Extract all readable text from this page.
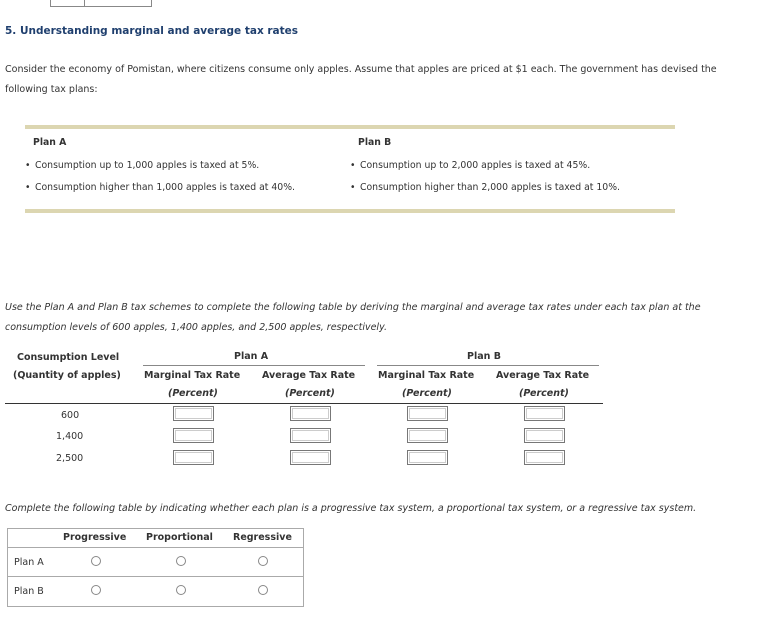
5. Understanding marginal and average tax rates
Consider the economy of Pomistan, where citizens consume only apples. Assume that apples are priced at $1 each. The government has devised the following tax plans:
Plan A
• Consumption up to 1,000 apples is taxed at 5%.
• Consumption higher than 1,000 apples is taxed at 40%.
Plan B
• Consumption up to 2,000 apples is taxed at 45%.
• Consumption higher than 2,000 apples is taxed at 10%.
Use the Plan A and Plan B tax schemes to complete the following table by deriving the marginal and average tax rates under each tax plan at the consumption levels of 600 apples, 1,400 apples, and 2,500 apples, respectively.
Consumption Level
(Quantity of apples)
Plan A	Plan B
Marginal Tax Rate Average Tax Rate Marginal Tax Rate Average Tax Rate
(Percent)	(Percent)	(Percent)	(Percent)
600
1,400
2,500
Complete the following table by indicating whether each plan is a progressive tax system, a proportional tax system, or a regressive tax system.
Progressive Proportional Regressive
Plan A
Plan B
